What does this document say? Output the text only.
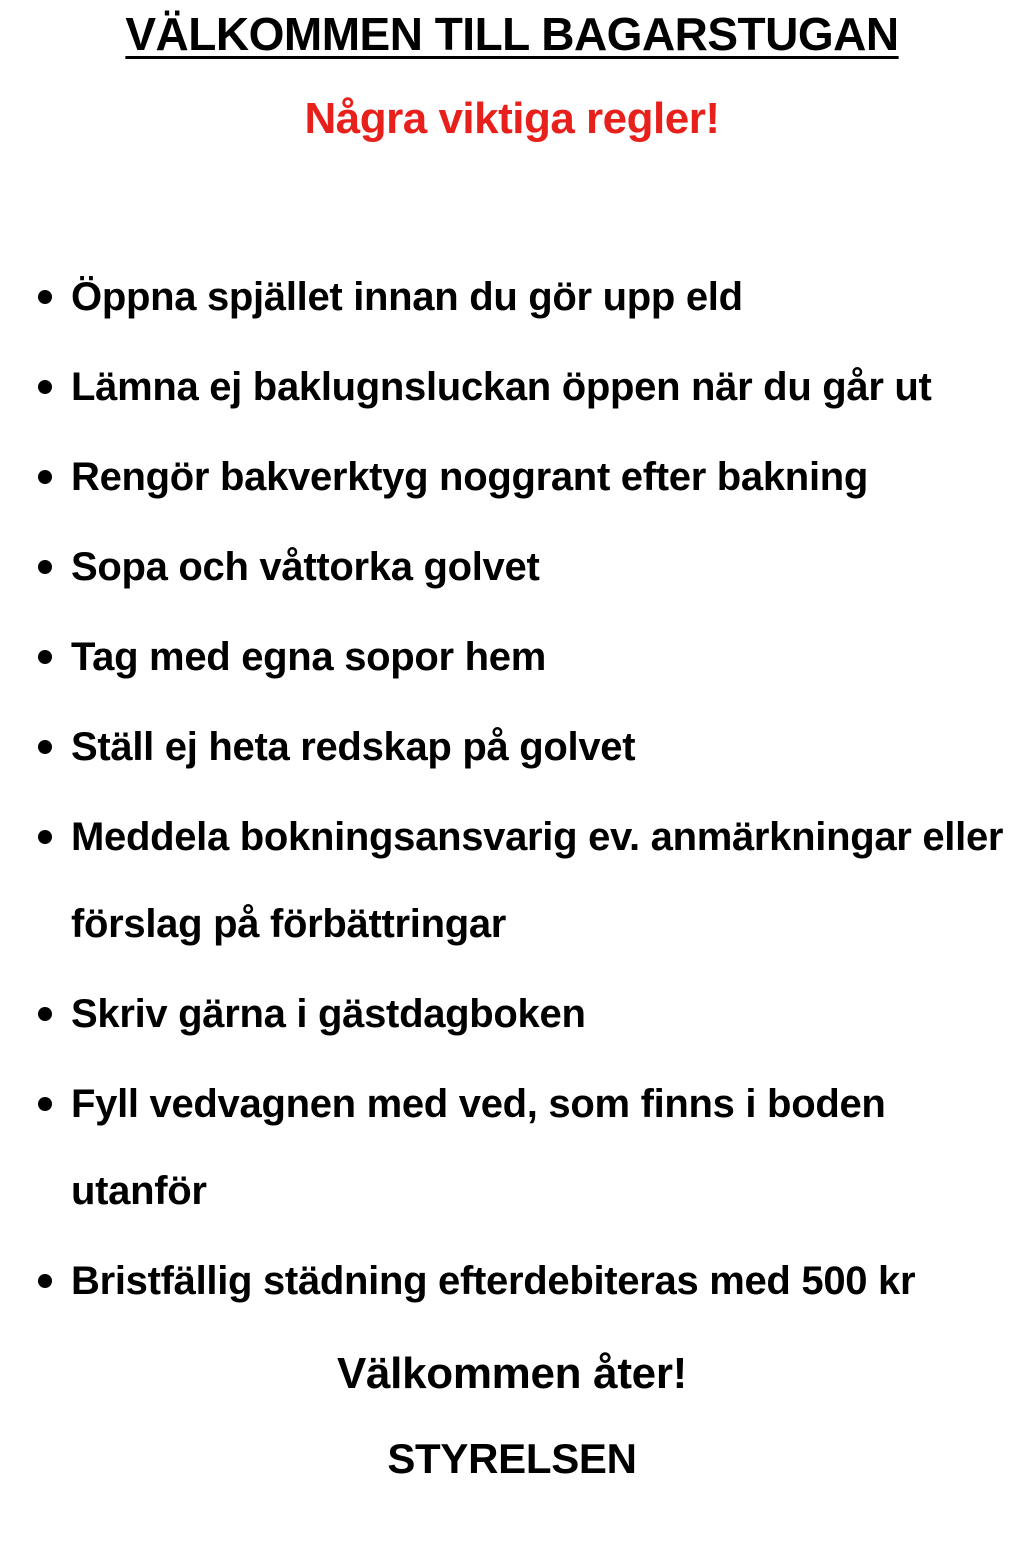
VÄLKOMMEN TILL BAGARSTUGAN
Några viktiga regler!
Öppna spjället innan du gör upp eld
Lämna ej baklugnsluckan öppen när du går ut
Rengör bakverktyg noggrant efter bakning
Sopa och våttorka golvet
Tag med egna sopor hem
Ställ ej heta redskap på golvet
Meddela bokningsansvarig ev. anmärkningar eller förslag på förbättringar
Skriv gärna i gästdagboken
Fyll vedvagnen med ved, som finns i boden utanför
Bristfällig städning efterdebiteras med 500 kr
Välkommen åter!
STYRELSEN
